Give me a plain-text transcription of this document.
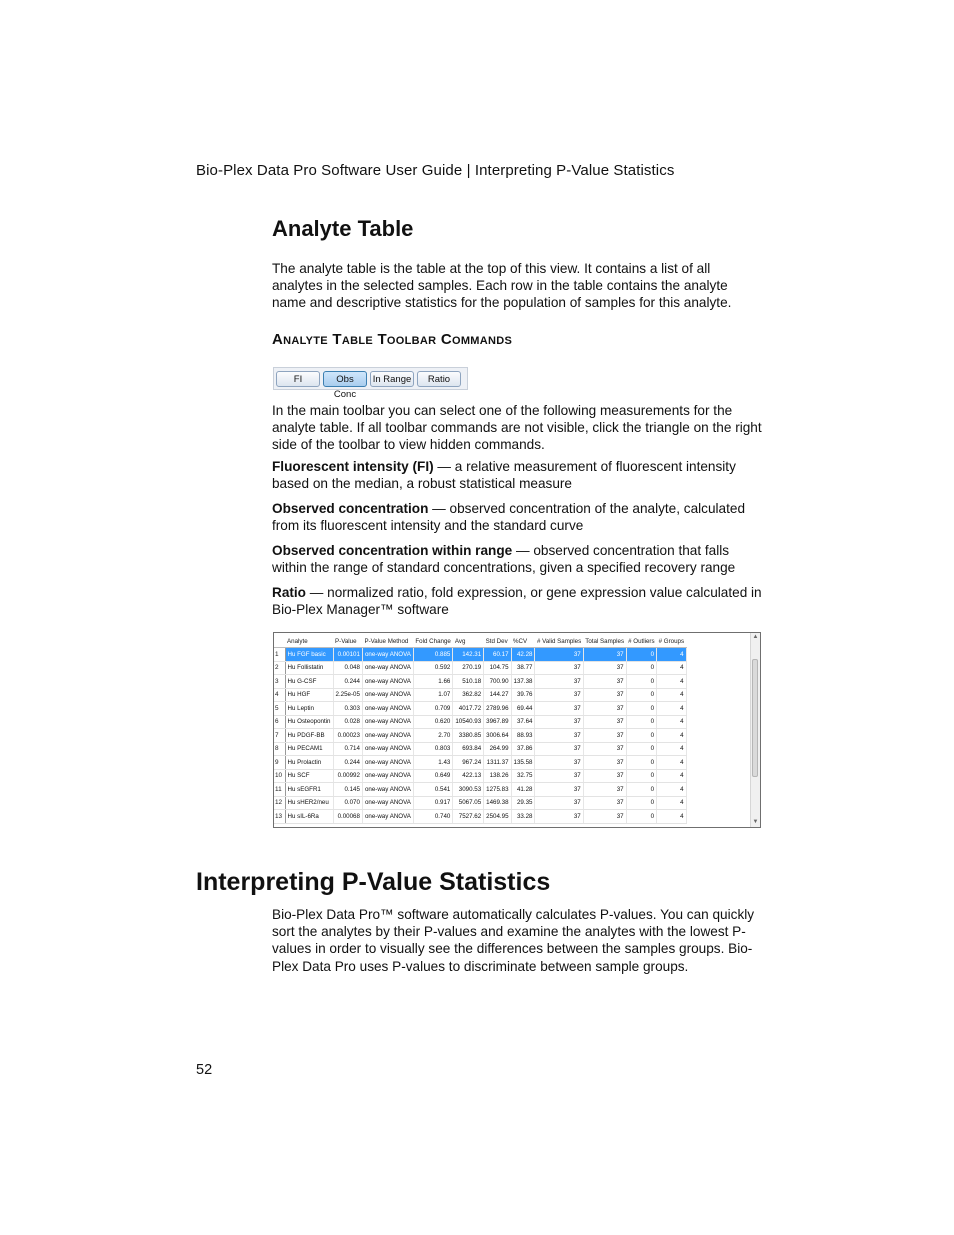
Bio-Plex Data Pro Software User Guide | Interpreting P-Value Statistics
Analyte Table

The analyte table is the table at the top of this view. It contains a list of all analytes in the selected samples. Each row in the table contains the analyte name and descriptive statistics for the population of samples for this analyte.

Analyte Table Toolbar Commands
FI	Obs Conc
In Range	Ratio

In the main toolbar you can select one of the following measurements for the analyte table. If all toolbar commands are not visible, click the triangle on the right side of the toolbar to view hidden commands.

Fluorescent intensity (FI) — a relative measurement of fluorescent intensity based on the median, a robust statistical measure

Observed concentration — observed concentration of the analyte, calculated from its fluorescent intensity and the standard curve

Observed concentration within range — observed concentration that falls within the range of standard concentrations, given a specified recovery range

Ratio — normalized ratio, fold expression, or gene expression value calculated in Bio-Plex Manager™ software

	Analyte	P-Value	P-Value Method	Fold Change	Avg	Std Dev	%CV	# Valid Samples	Total Samples	# Outliers	# Groups
1	Hu FGF basic	0.00101	one-way ANOVA	0.885	142.31	60.17	42.28	37	37	0	4
2	Hu Follistatin	0.048	one-way ANOVA	0.592	270.19	104.75	38.77	37	37	0	4
3	Hu G-CSF	0.244	one-way ANOVA	1.66	510.18	700.90	137.38	37	37	0	4
4	Hu HGF	2.25e-05	one-way ANOVA	1.07	362.82	144.27	39.76	37	37	0	4
5	Hu Leptin	0.303	one-way ANOVA	0.709	4017.72	2789.96	69.44	37	37	0	4
6	Hu Osteopontin	0.028	one-way ANOVA	0.620	10540.93	3967.89	37.64	37	37	0	4
7	Hu PDGF-BB	0.00023	one-way ANOVA	2.70	3380.85	3006.64	88.93	37	37	0	4
8	Hu PECAM1	0.714	one-way ANOVA	0.803	693.84	264.99	37.86	37	37	0	4
9	Hu Prolactin	0.244	one-way ANOVA	1.43	967.24	1311.37	135.58	37	37	0	4
10	Hu SCF	0.00992	one-way ANOVA	0.649	422.13	138.26	32.75	37	37	0	4
11	Hu sEGFR1	0.145	one-way ANOVA	0.541	3090.53	1275.83	41.28	37	37	0	4
12	Hu sHER2/neu	0.070	one-way ANOVA	0.917	5067.05	1469.38	29.35	37	37	0	4
13	Hu sIL-6Ra	0.00068	one-way ANOVA	0.740	7527.62	2504.95	33.28	37	37	0	4
▲
▼
Interpreting P-Value Statistics

Bio-Plex Data Pro™ software automatically calculates P-values. You can quickly sort the analytes by their P-values and examine the analytes with the lowest P-values in order to visually see the differences between the samples groups. Bio-Plex Data Pro uses P-values to discriminate between sample groups.

52
